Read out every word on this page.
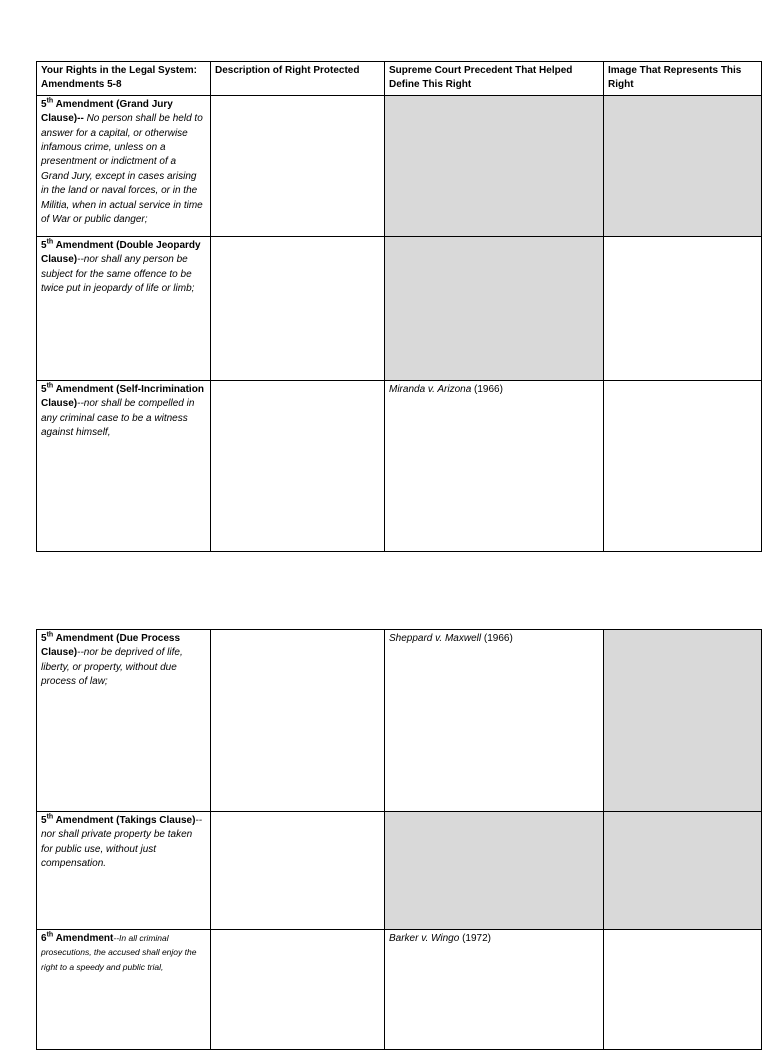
Your Rights in the Legal System: Amendments 5-8	Description of Right Protected	Supreme Court Precedent That Helped Define This Right	Image That Represents This Right
5th Amendment (Grand Jury Clause)-- No person shall be held to answer for a capital, or otherwise infamous crime, unless on a presentment or indictment of a Grand Jury, except in cases arising in the land or naval forces, or in the Militia, when in actual service in time of War or public danger;			
5th Amendment (Double Jeopardy Clause)--nor shall any person be subject for the same offence to be twice put in jeopardy of life or limb;			
5th Amendment (Self-Incrimination Clause)--nor shall be compelled in any criminal case to be a witness against himself,		Miranda v. Arizona (1966)	
5th Amendment (Due Process Clause)--nor be deprived of life, liberty, or property, without due process of law;		Sheppard v. Maxwell (1966)	
5th Amendment (Takings Clause)--nor shall private property be taken for public use, without just compensation.			
6th Amendment--In all criminal prosecutions, the accused shall enjoy the right to a speedy and public trial,		Barker v. Wingo (1972)	
